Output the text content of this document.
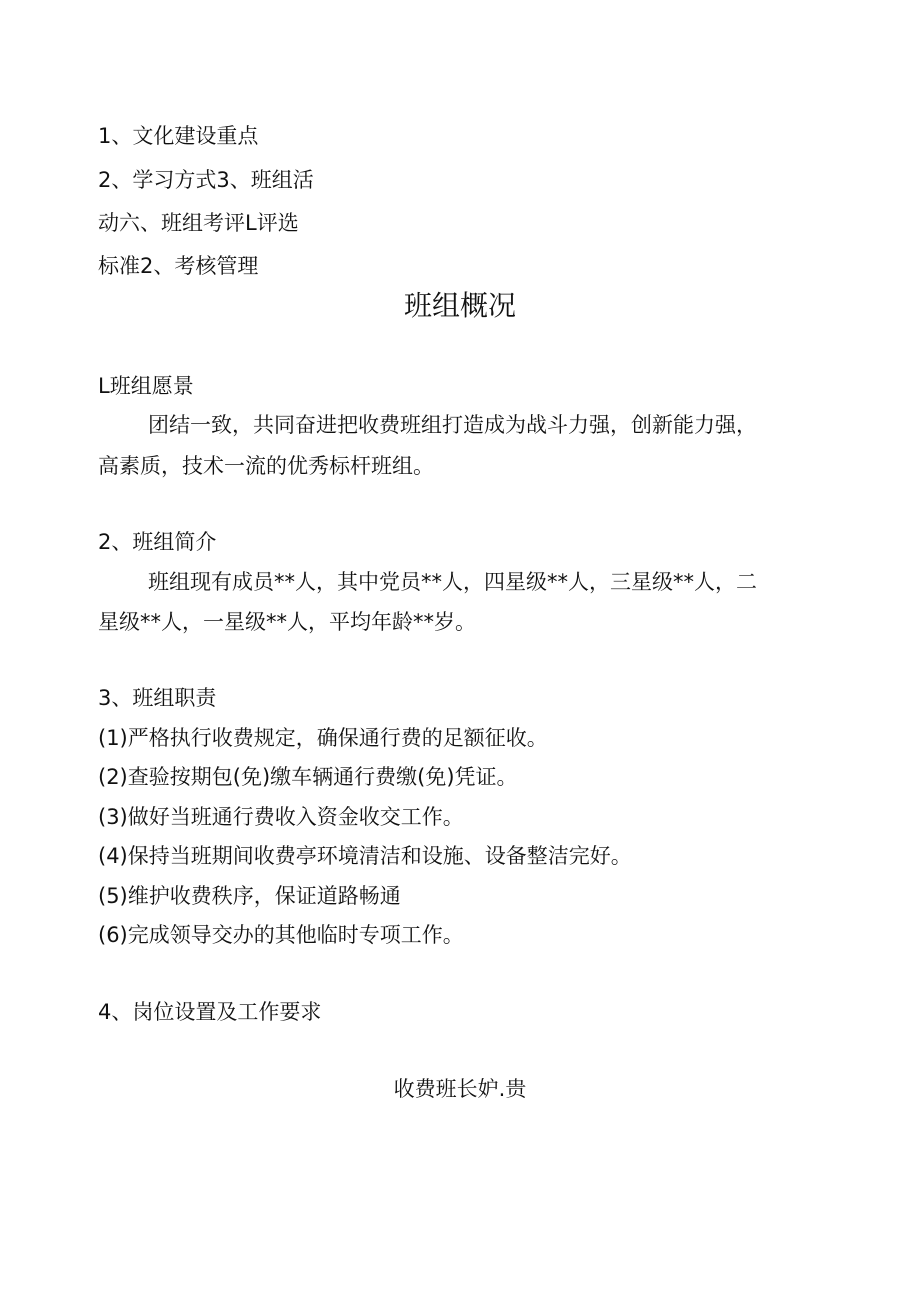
1、文化建设重点
2、学习方式3、班组活
动六、班组考评L评选
标准2、考核管理
班组概况
L班组愿景
团结一致，共同奋进把收费班组打造成为战斗力强，创新能力强，
高素质，技术一流的优秀标杆班组。
2、班组简介
班组现有成员**人，其中党员**人，四星级**人，三星级**人，二
星级**人，一星级**人，平均年龄**岁。
3、班组职责
(1)严格执行收费规定，确保通行费的足额征收。
(2)查验按期包(免)缴车辆通行费缴(免)凭证。
(3)做好当班通行费收入资金收交工作。
(4)保持当班期间收费亭环境清洁和设施、设备整洁完好。
(5)维护收费秩序，保证道路畅通
(6)完成领导交办的其他临时专项工作。
4、岗位设置及工作要求
收费班长妒.贵
